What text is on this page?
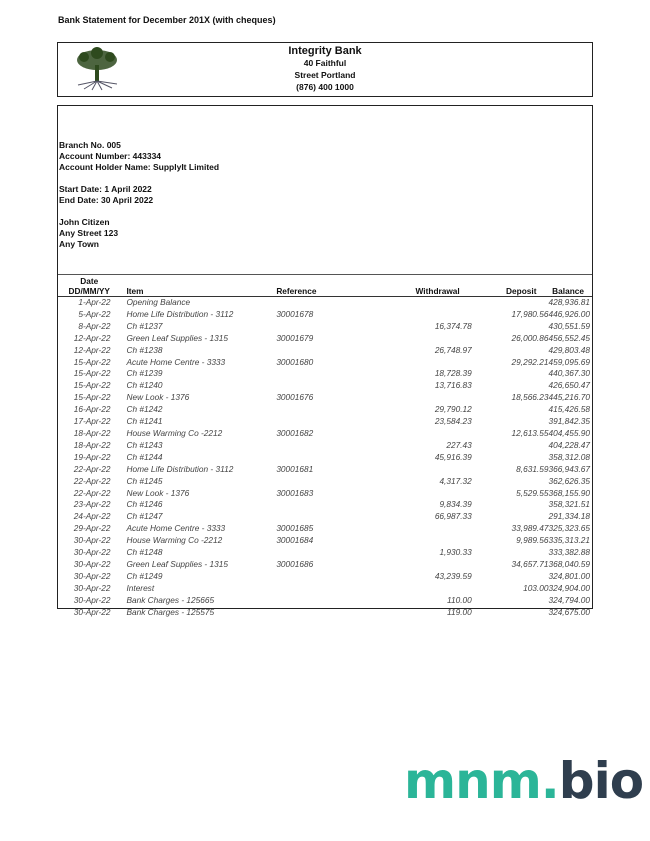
Bank Statement for December 201X (with cheques)
Integrity Bank
40 Faithful
Street Portland
(876) 400 1000
Branch No. 005
Account Number: 443334
Account Holder Name: SupplyIt Limited
Start Date: 1 April 2022
End Date: 30 April 2022
John Citizen
Any Street 123
Any Town
Date
DD/MM/YY	Item	Reference	Withdrawal	Deposit	Balance
1-Apr-22	Opening Balance				428,936.81
5-Apr-22	Home Life Distribution - 3112	30001678		17,980.56	446,926.00
8-Apr-22	Ch #1237		16,374.78		430,551.59
12-Apr-22	Green Leaf Supplies - 1315	30001679		26,000.86	456,552.45
12-Apr-22	Ch #1238		26,748.97		429,803.48
15-Apr-22	Acute Home Centre - 3333	30001680		29,292.21	459,095.69
15-Apr-22	Ch #1239		18,728.39		440,367.30
15-Apr-22	Ch #1240		13,716.83		426,650.47
15-Apr-22	New Look - 1376	30001676		18,566.23	445,216.70
16-Apr-22	Ch #1242		29,790.12		415,426.58
17-Apr-22	Ch #1241		23,584.23		391,842.35
18-Apr-22	House Warming Co -2212	30001682		12,613.55	404,455.90
18-Apr-22	Ch #1243		227.43		404,228.47
19-Apr-22	Ch #1244		45,916.39		358,312.08
22-Apr-22	Home Life Distribution - 3112	30001681		8,631.59	366,943.67
22-Apr-22	Ch #1245		4,317.32		362,626.35
22-Apr-22	New Look - 1376	30001683		5,529.55	368,155.90
23-Apr-22	Ch #1246		9,834.39		358,321.51
24-Apr-22	Ch #1247		66,987.33		291,334.18
29-Apr-22	Acute Home Centre - 3333	30001685		33,989.47	325,323.65
30-Apr-22	House Warming Co -2212	30001684		9,989.56	335,313.21
30-Apr-22	Ch #1248		1,930.33		333,382.88
30-Apr-22	Green Leaf Supplies - 1315	30001686		34,657.71	368,040.59
30-Apr-22	Ch #1249		43,239.59		324,801.00
30-Apr-22	Interest			103.00	324,904.00
30-Apr-22	Bank Charges - 125665		110.00		324,794.00
30-Apr-22	Bank Charges - 125575		119.00		324,675.00
mnm.bio
